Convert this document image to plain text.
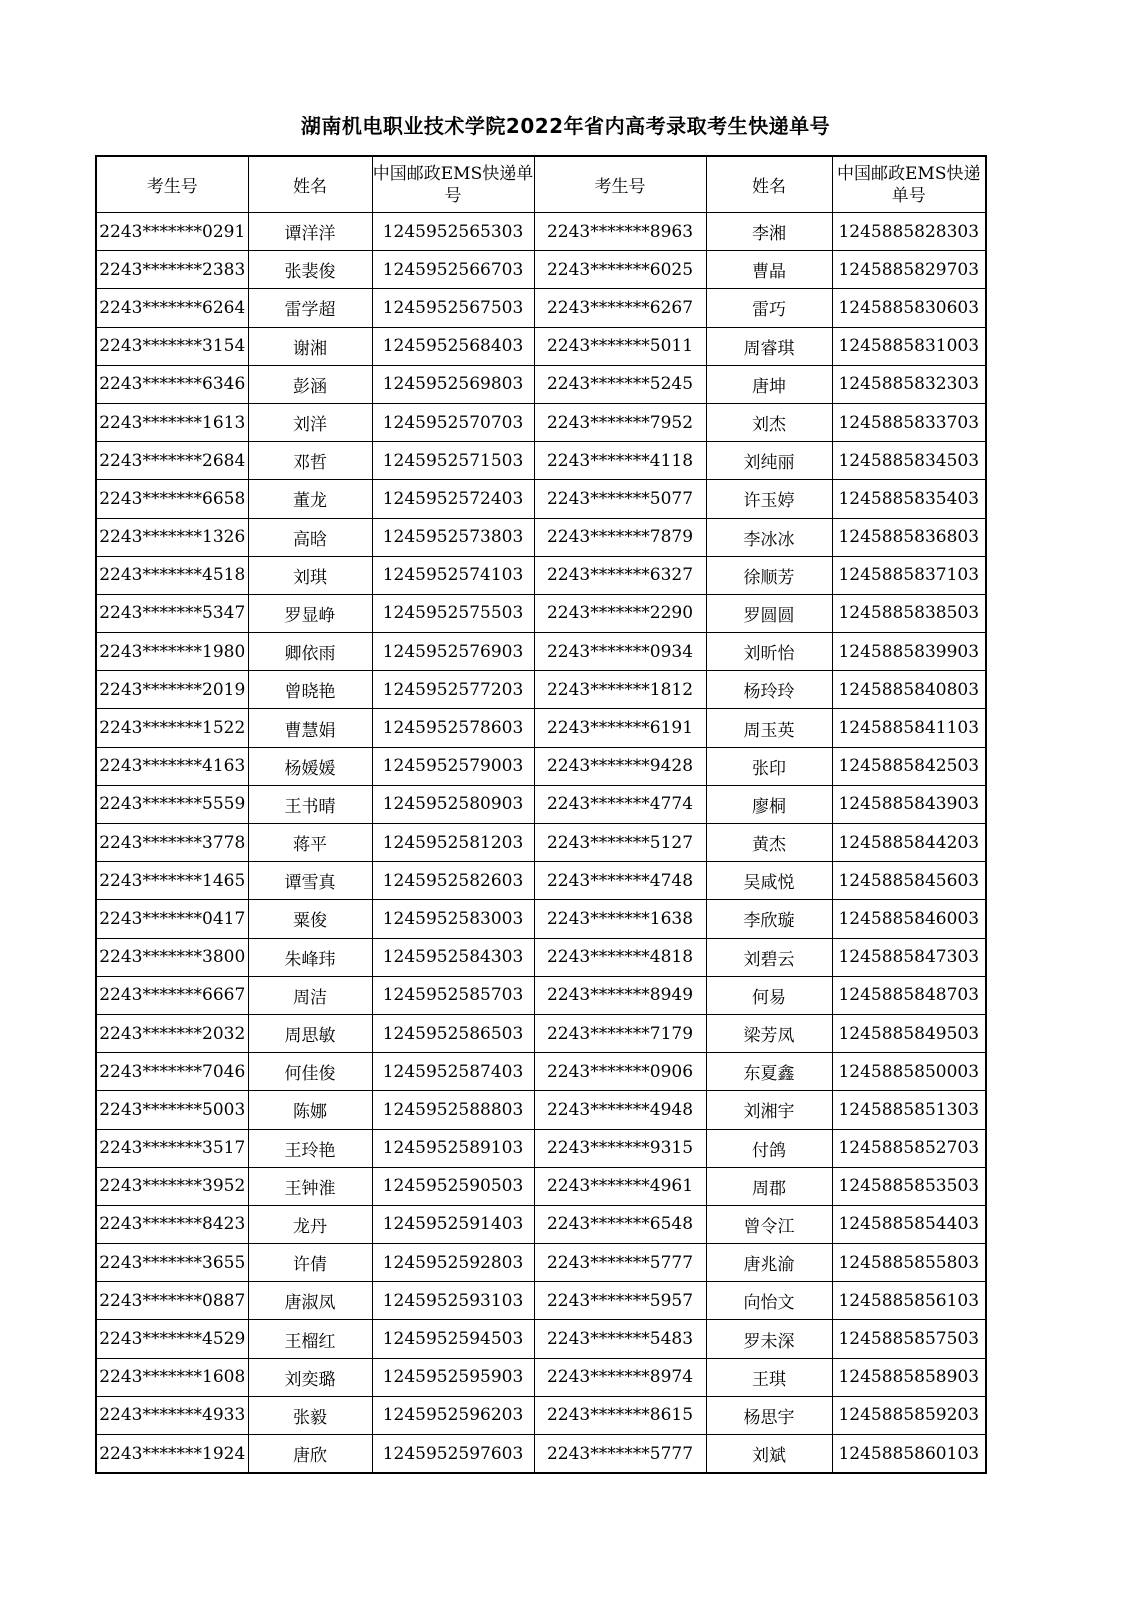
湖南机电职业技术学院2022年省内高考录取考生快递单号
考生号	姓名	中国邮政EMS快递单号	考生号	姓名	中国邮政EMS快递单号
2243*******0291	谭洋洋	1245952565303	2243*******8963	李湘	1245885828303
2243*******2383	张裴俊	1245952566703	2243*******6025	曹晶	1245885829703
2243*******6264	雷学超	1245952567503	2243*******6267	雷巧	1245885830603
2243*******3154	谢湘	1245952568403	2243*******5011	周睿琪	1245885831003
2243*******6346	彭涵	1245952569803	2243*******5245	唐坤	1245885832303
2243*******1613	刘洋	1245952570703	2243*******7952	刘杰	1245885833703
2243*******2684	邓哲	1245952571503	2243*******4118	刘纯丽	1245885834503
2243*******6658	董龙	1245952572403	2243*******5077	许玉婷	1245885835403
2243*******1326	高晗	1245952573803	2243*******7879	李冰冰	1245885836803
2243*******4518	刘琪	1245952574103	2243*******6327	徐顺芳	1245885837103
2243*******5347	罗显峥	1245952575503	2243*******2290	罗圆圆	1245885838503
2243*******1980	卿依雨	1245952576903	2243*******0934	刘昕怡	1245885839903
2243*******2019	曾晓艳	1245952577203	2243*******1812	杨玲玲	1245885840803
2243*******1522	曹慧娟	1245952578603	2243*******6191	周玉英	1245885841103
2243*******4163	杨媛媛	1245952579003	2243*******9428	张印	1245885842503
2243*******5559	王书晴	1245952580903	2243*******4774	廖桐	1245885843903
2243*******3778	蒋平	1245952581203	2243*******5127	黄杰	1245885844203
2243*******1465	谭雪真	1245952582603	2243*******4748	吴咸悦	1245885845603
2243*******0417	粟俊	1245952583003	2243*******1638	李欣璇	1245885846003
2243*******3800	朱峰玮	1245952584303	2243*******4818	刘碧云	1245885847303
2243*******6667	周洁	1245952585703	2243*******8949	何易	1245885848703
2243*******2032	周思敏	1245952586503	2243*******7179	梁芳凤	1245885849503
2243*******7046	何佳俊	1245952587403	2243*******0906	东夏鑫	1245885850003
2243*******5003	陈娜	1245952588803	2243*******4948	刘湘宇	1245885851303
2243*******3517	王玲艳	1245952589103	2243*******9315	付鸽	1245885852703
2243*******3952	王钟淮	1245952590503	2243*******4961	周郡	1245885853503
2243*******8423	龙丹	1245952591403	2243*******6548	曾令江	1245885854403
2243*******3655	许倩	1245952592803	2243*******5777	唐兆渝	1245885855803
2243*******0887	唐淑凤	1245952593103	2243*******5957	向怡文	1245885856103
2243*******4529	王榴红	1245952594503	2243*******5483	罗未深	1245885857503
2243*******1608	刘奕璐	1245952595903	2243*******8974	王琪	1245885858903
2243*******4933	张毅	1245952596203	2243*******8615	杨思宇	1245885859203
2243*******1924	唐欣	1245952597603	2243*******5777	刘斌	1245885860103
